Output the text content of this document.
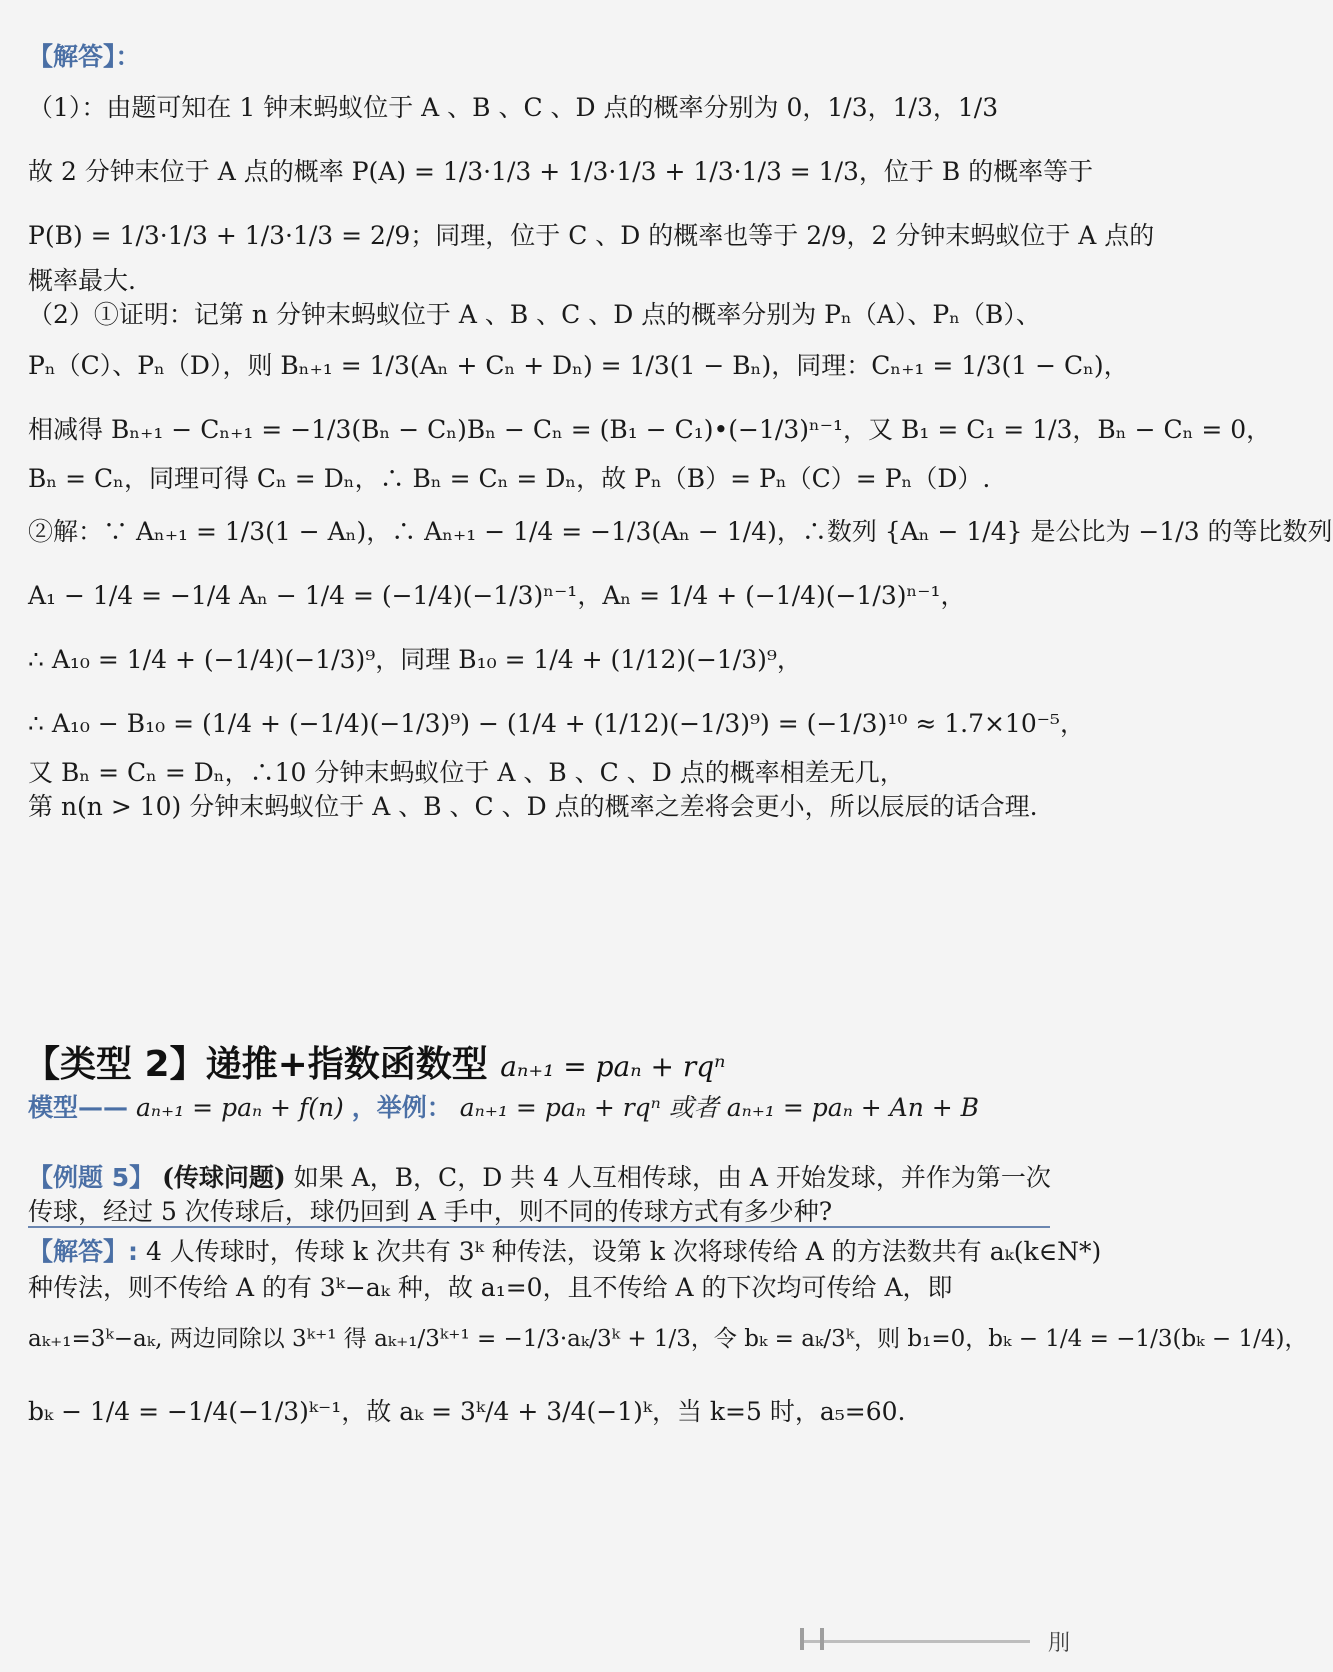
【解答】：
（1）：由题可知在 1 钟末蚂蚁位于 A 、B 、C 、D 点的概率分别为 0，1/3，1/3，1/3
故 2 分钟末位于 A 点的概率 P(A) = 1/3·1/3 + 1/3·1/3 + 1/3·1/3 = 1/3，位于 B 的概率等于
P(B) = 1/3·1/3 + 1/3·1/3 = 2/9；同理，位于 C 、D 的概率也等于 2/9，2 分钟末蚂蚁位于 A 点的
概率最大.
（2）①证明：记第 n 分钟末蚂蚁位于 A 、B 、C 、D 点的概率分别为 Pₙ（A）、Pₙ（B）、
Pₙ（C）、Pₙ（D），则 Bₙ₊₁ = 1/3(Aₙ + Cₙ + Dₙ) = 1/3(1 − Bₙ)，同理：Cₙ₊₁ = 1/3(1 − Cₙ)，
相减得 Bₙ₊₁ − Cₙ₊₁ = −1/3(Bₙ − Cₙ)Bₙ − Cₙ = (B₁ − C₁)•(−1/3)ⁿ⁻¹，又 B₁ = C₁ = 1/3，Bₙ − Cₙ = 0，
Bₙ = Cₙ，同理可得 Cₙ = Dₙ，∴ Bₙ = Cₙ = Dₙ，故 Pₙ（B）= Pₙ（C）= Pₙ（D）.
②解：∵ Aₙ₊₁ = 1/3(1 − Aₙ)，∴ Aₙ₊₁ − 1/4 = −1/3(Aₙ − 1/4)，∴数列 {Aₙ − 1/4} 是公比为 −1/3 的等比数列
A₁ − 1/4 = −1/4 Aₙ − 1/4 = (−1/4)(−1/3)ⁿ⁻¹，Aₙ = 1/4 + (−1/4)(−1/3)ⁿ⁻¹，
∴ A₁₀ = 1/4 + (−1/4)(−1/3)⁹，同理 B₁₀ = 1/4 + (1/12)(−1/3)⁹，
∴ A₁₀ − B₁₀ = (1/4 + (−1/4)(−1/3)⁹) − (1/4 + (1/12)(−1/3)⁹) = (−1/3)¹⁰ ≈ 1.7×10⁻⁵，
又 Bₙ = Cₙ = Dₙ，∴10 分钟末蚂蚁位于 A 、B 、C 、D 点的概率相差无几，
第 n(n > 10) 分钟末蚂蚁位于 A 、B 、C 、D 点的概率之差将会更小，所以辰辰的话合理.
【类型 2】递推+指数函数型 aₙ₊₁ = paₙ + rqⁿ
模型—— aₙ₊₁ = paₙ + f(n) ，举例： aₙ₊₁ = paₙ + rqⁿ 或者 aₙ₊₁ = paₙ + An + B
【例题 5】 (传球问题) 如果 A，B，C，D 共 4 人互相传球，由 A 开始发球，并作为第一次
传球，经过 5 次传球后，球仍回到 A 手中，则不同的传球方式有多少种?
【解答】: 4 人传球时，传球 k 次共有 3ᵏ 种传法，设第 k 次将球传给 A 的方法数共有 aₖ(k∈N*)
种传法，则不传给 A 的有 3ᵏ−aₖ 种，故 a₁=0，且不传给 A 的下次均可传给 A，即
aₖ₊₁=3ᵏ−aₖ, 两边同除以 3ᵏ⁺¹ 得 aₖ₊₁/3ᵏ⁺¹ = −1/3·aₖ/3ᵏ + 1/3，令 bₖ = aₖ/3ᵏ，则 b₁=0，bₖ − 1/4 = −1/3(bₖ − 1/4)，
bₖ − 1/4 = −1/4(−1/3)ᵏ⁻¹，故 aₖ = 3ᵏ/4 + 3/4(−1)ᵏ，当 k=5 时，a₅=60.
刖
